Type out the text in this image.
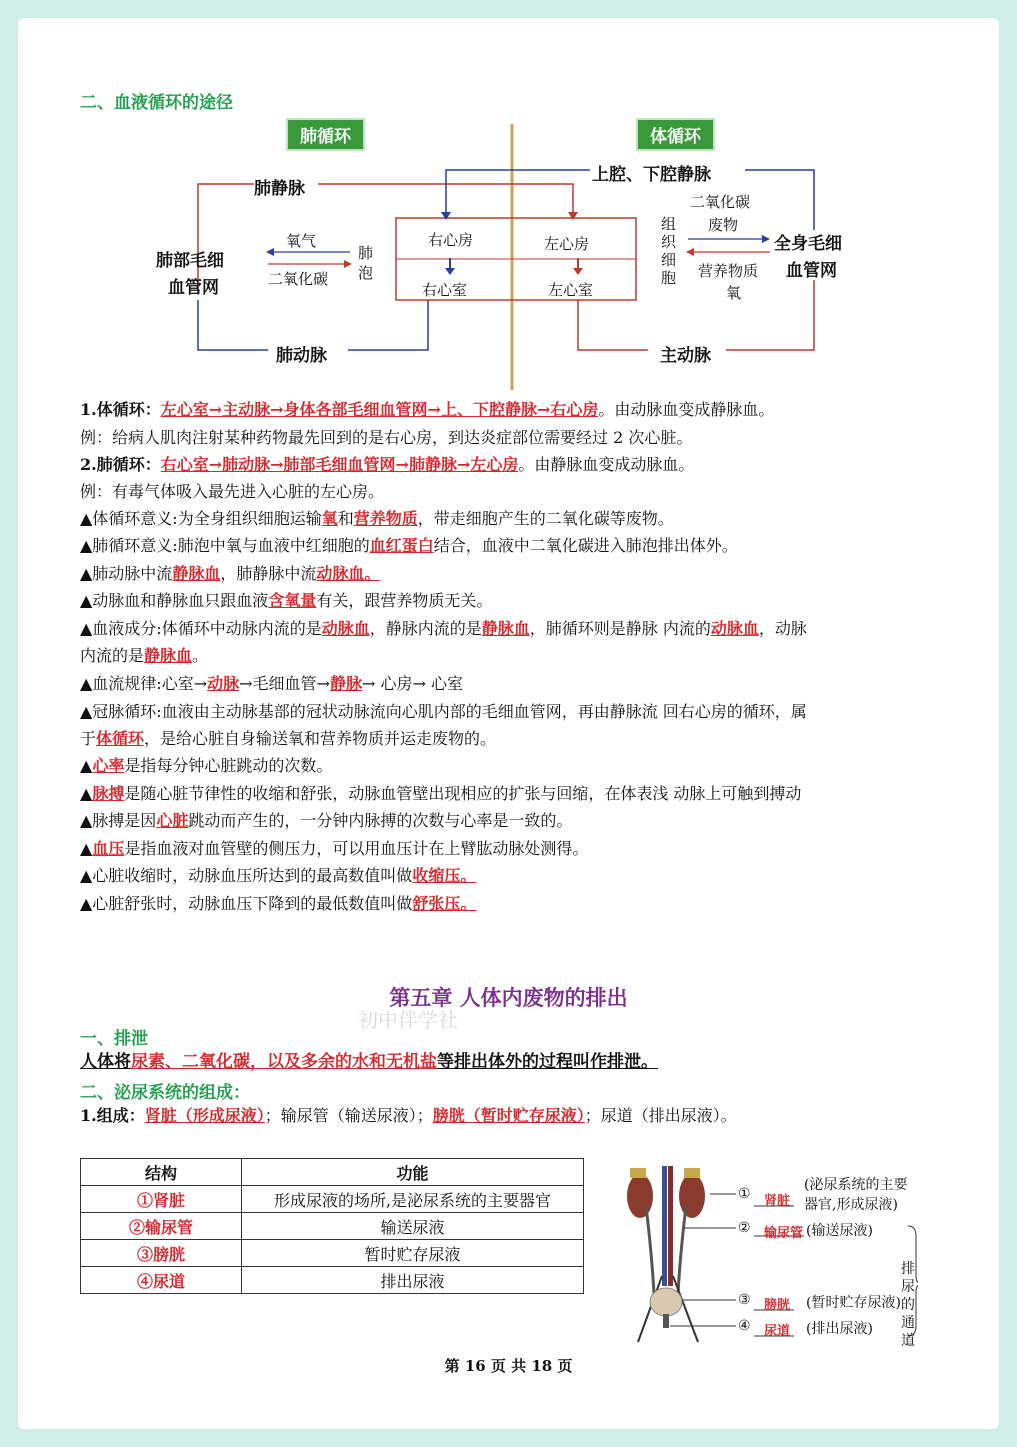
二、血液循环的途径
肺循环	体循环
肺静脉
肺动脉
肺部毛细
血管网
氧气
二氧化碳
肺
泡
右心房
右心室
左心房
左心室
上腔、下腔静脉
主动脉
组
织
细
胞
二氧化碳
废物
营养物质
氧
全身毛细
血管网
1.体循环：左心室→主动脉→身体各部毛细血管网→上、下腔静脉→右心房。由动脉血变成静脉血。
例：给病人肌肉注射某种药物最先回到的是右心房，到达炎症部位需要经过 2 次心脏。
2.肺循环：右心室→肺动脉→肺部毛细血管网→肺静脉→左心房。由静脉血变成动脉血。
例：有毒气体吸入最先进入心脏的左心房。
▲体循环意义:为全身组织细胞运输氧和营养物质，带走细胞产生的二氧化碳等废物。
▲肺循环意义:肺泡中氧与血液中红细胞的血红蛋白结合，血液中二氧化碳进入肺泡排出体外。
▲肺动脉中流静脉血，肺静脉中流动脉血。
▲动脉血和静脉血只跟血液含氧量有关，跟营养物质无关。
▲血液成分:体循环中动脉内流的是动脉血，静脉内流的是静脉血，肺循环则是静脉 内流的动脉血，动脉
内流的是静脉血。
▲血流规律:心室→动脉→毛细血管→静脉→ 心房→ 心室
▲冠脉循环:血液由主动脉基部的冠状动脉流向心肌内部的毛细血管网，再由静脉流 回右心房的循环，属
于体循环，是给心脏自身输送氧和营养物质并运走废物的。
▲心率是指每分钟心脏跳动的次数。
▲脉搏是随心脏节律性的收缩和舒张，动脉血管壁出现相应的扩张与回缩，在体表浅 动脉上可触到搏动
▲脉搏是因心脏跳动而产生的，一分钟内脉搏的次数与心率是一致的。
▲血压是指血液对血管壁的侧压力，可以用血压计在上臂肱动脉处测得。
▲心脏收缩时，动脉血压所达到的最高数值叫做收缩压。
▲心脏舒张时，动脉血压下降到的最低数值叫做舒张压。
第五章 人体内废物的排出
初中伴学社
一、排泄
人体将尿素、二氧化碳，以及多余的水和无机盐等排出体外的过程叫作排泄。
二、泌尿系统的组成：
1.组成：肾脏（形成尿液）；输尿管（输送尿液）；膀胱（暂时贮存尿液）；尿道（排出尿液）。
结构	功能
①肾脏	形成尿液的场所,是泌尿系统的主要器官
②输尿管	输送尿液
③膀胱	暂时贮存尿液
④尿道	排出尿液
① 肾脏
(泌尿系统的主要
器官,形成尿液)
② 输尿管 (输送尿液)
③ 膀胱 (暂时贮存尿液)
④ 尿道 (排出尿液)
排尿的通道
第 16 页 共 18 页
